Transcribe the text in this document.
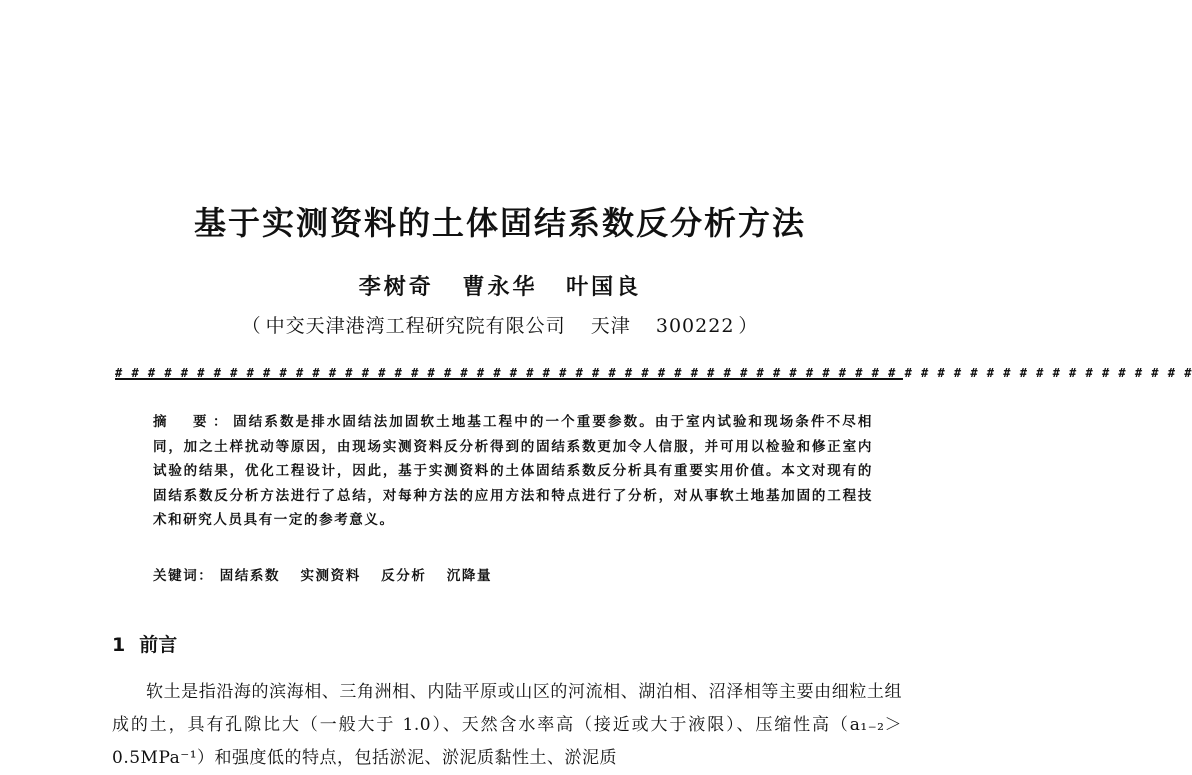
基于实测资料的土体固结系数反分析方法
李树奇 曹永华 叶国良
（ 中交天津港湾工程研究院有限公司 天津 300222 ）
# # # # # # # # # # # # # # # # # # # # # # # # # # # # # # # # # # # # # # # # # # # # # # # # # # # # # # # # # # # # # # # # # #
摘　要：固结系数是排水固结法加固软土地基工程中的一个重要参数。由于室内试验和现场条件不尽相同，加之土样扰动等原因，由现场实测资料反分析得到的固结系数更加令人信服，并可用以检验和修正室内试验的结果，优化工程设计，因此，基于实测资料的土体固结系数反分析具有重要实用价值。本文对现有的固结系数反分析方法进行了总结，对每种方法的应用方法和特点进行了分析，对从事软土地基加固的工程技术和研究人员具有一定的参考意义。
关键词： 固结系数 实测资料 反分析 沉降量
1 前言

软土是指沿海的滨海相、三角洲相、内陆平原或山区的河流相、湖泊相、沼泽相等主要由细粒土组成的土，具有孔隙比大（一般大于 1.0）、天然含水率高（接近或大于液限）、压缩性高（a₁₋₂＞0.5MPa⁻¹）和强度低的特点，包括淤泥、淤泥质黏性土、淤泥质
